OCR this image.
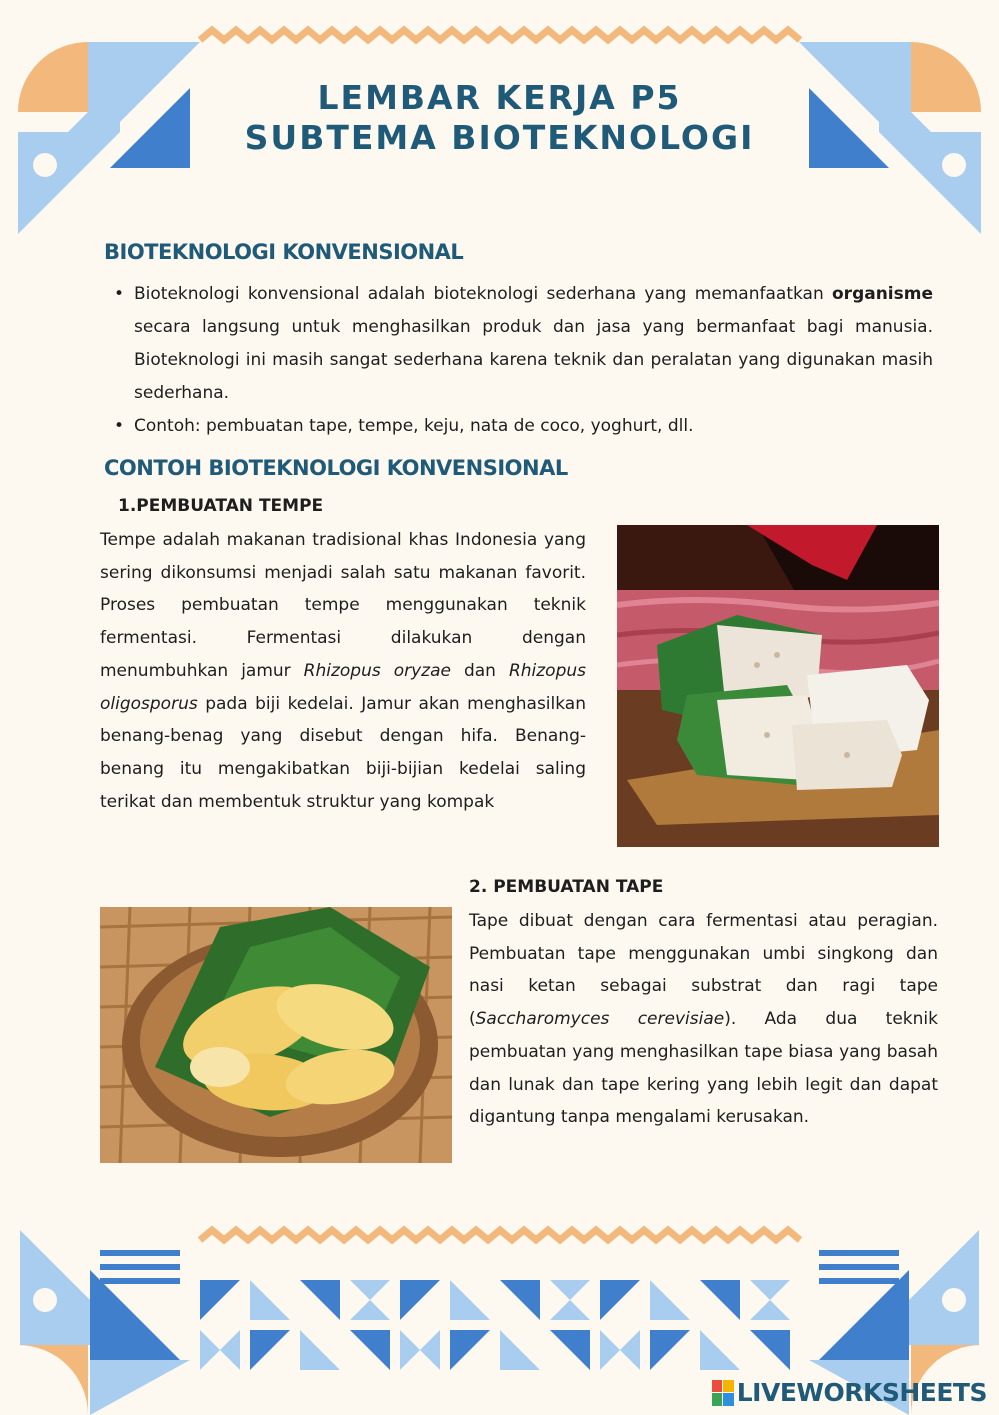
LEMBAR KERJA P5
SUBTEMA BIOTEKNOLOGI
BIOTEKNOLOGI KONVENSIONAL
• Bioteknologi konvensional adalah bioteknologi sederhana yang memanfaatkan organisme secara langsung untuk menghasilkan produk dan jasa yang bermanfaat bagi manusia. Bioteknologi ini masih sangat sederhana karena teknik dan peralatan yang digunakan masih sederhana.
• Contoh: pembuatan tape, tempe, keju, nata de coco, yoghurt, dll.
CONTOH BIOTEKNOLOGI KONVENSIONAL
1.PEMBUATAN TEMPE
Tempe adalah makanan tradisional khas Indonesia yang sering dikonsumsi menjadi salah satu makanan favorit. Proses pembuatan tempe menggunakan teknik fermentasi. Fermentasi dilakukan dengan menumbuhkan jamur Rhizopus oryzae dan Rhizopus oligosporus pada biji kedelai. Jamur akan menghasilkan benang-benag yang disebut dengan hifa. Benang-benang itu mengakibatkan biji-bijian kedelai saling terikat dan membentuk struktur yang kompak
2. PEMBUATAN TAPE
Tape dibuat dengan cara fermentasi atau peragian. Pembuatan tape menggunakan umbi singkong dan nasi ketan sebagai substrat dan ragi tape (Saccharomyces cerevisiae). Ada dua teknik pembuatan yang menghasilkan tape biasa yang basah dan lunak dan tape kering yang lebih legit dan dapat digantung tanpa mengalami kerusakan.
LIVEWORKSHEETS
